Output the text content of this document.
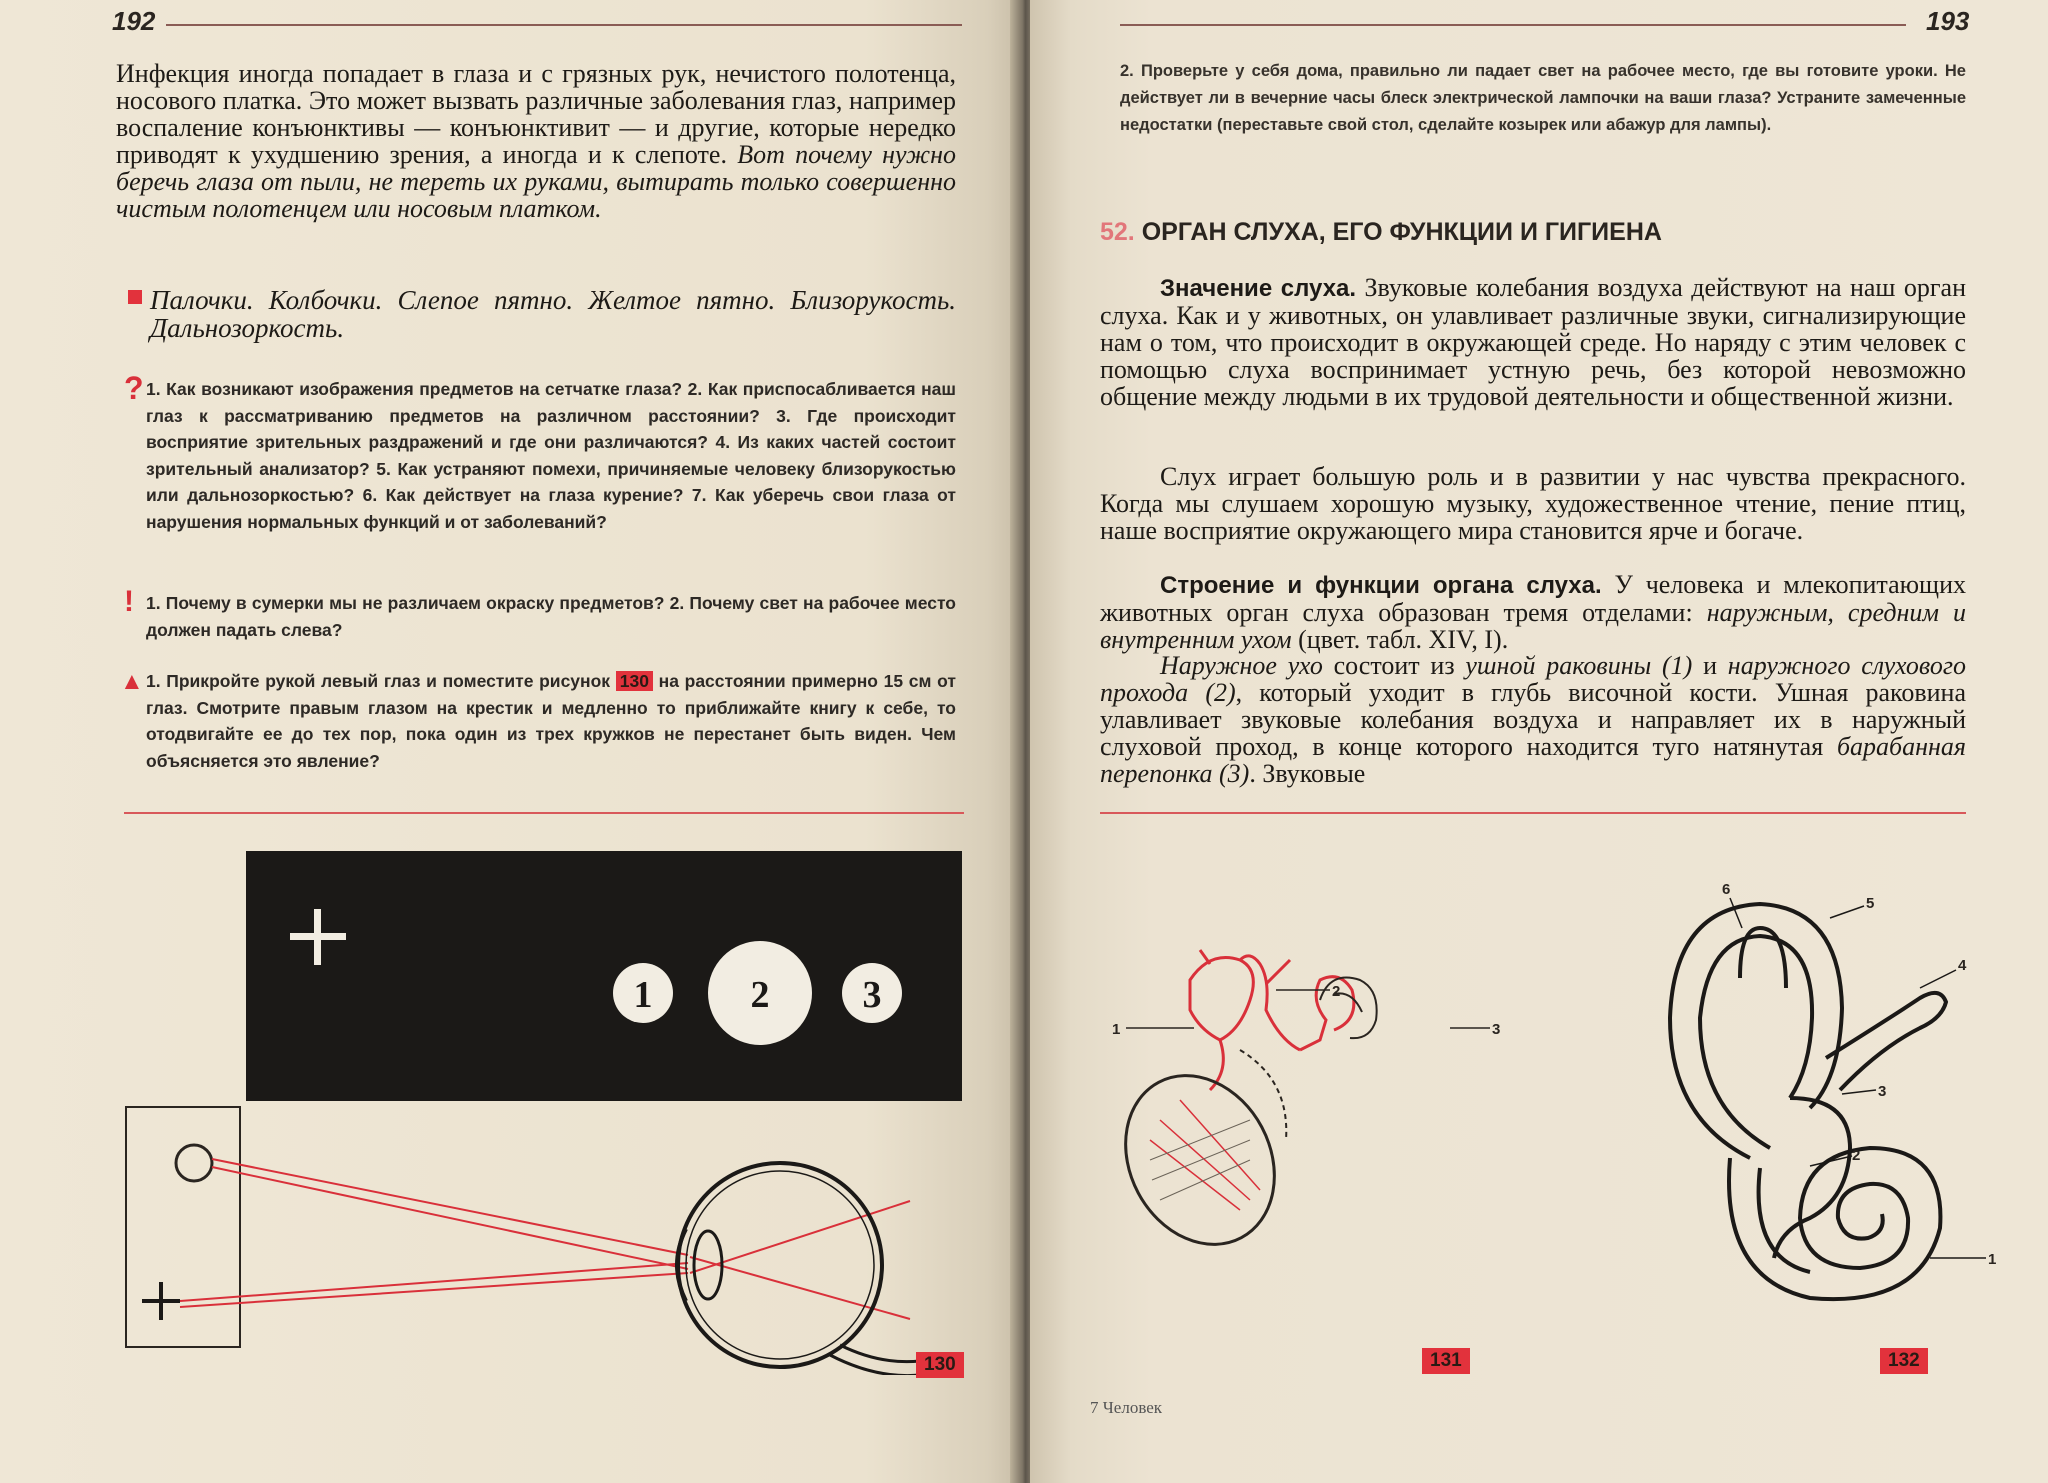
192
Инфекция иногда попадает в глаза и с грязных рук, нечистого полотенца, носового платка. Это может вызвать различные заболевания глаз, например воспаление конъюнктивы — конъюнктивит — и другие, которые нередко приводят к ухудшению зрения, а иногда и к слепоте. Вот почему нужно беречь глаза от пыли, не тереть их руками, вытирать только совершенно чистым полотенцем или носовым платком.
Палочки. Колбочки. Слепое пятно. Желтое пятно. Близорукость. Дальнозоркость.
? 1. Как возникают изображения предметов на сетчатке глаза? 2. Как приспосабливается наш глаз к рассматриванию предметов на различном расстоянии? 3. Где происходит восприятие зрительных раздражений и где они различаются? 4. Из каких частей состоит зрительный анализатор? 5. Как устраняют помехи, причиняемые человеку близорукостью или дальнозоркостью? 6. Как действует на глаза курение? 7. Как уберечь свои глаза от нарушения нормальных функций и от заболеваний?
! 1. Почему в сумерки мы не различаем окраску предметов? 2. Почему свет на рабочее место должен падать слева?
▲ 1. Прикройте рукой левый глаз и поместите рисунок 130 на расстоянии примерно 15 см от глаз. Смотрите правым глазом на крестик и медленно то приближайте книгу к себе, то отодвигайте ее до тех пор, пока один из трех кружков не перестанет быть виден. Чем объясняется это явление?
1	2 3
130
193
2. Проверьте у себя дома, правильно ли падает свет на рабочее место, где вы готовите уроки. Не действует ли в вечерние часы блеск электрической лампочки на ваши глаза? Устраните замеченные недостатки (переставьте свой стол, сделайте козырек или абажур для лампы).
52. ОРГАН СЛУХА, ЕГО ФУНКЦИИ И ГИГИЕНА
Значение слуха. Звуковые колебания воздуха действуют на наш орган слуха. Как и у животных, он улавливает различные звуки, сигнализирующие нам о том, что происходит в окружающей среде. Но наряду с этим человек с помощью слуха воспринимает устную речь, без которой невозможно общение между людьми в их трудовой деятельности и общественной жизни.
Слух играет большую роль и в развитии у нас чувства прекрасного. Когда мы слушаем хорошую музыку, художественное чтение, пение птиц, наше восприятие окружающего мира становится ярче и богаче.
Строение и функции органа слуха. У человека и млекопитающих животных орган слуха образован тремя отделами: наружным, средним и внутренним ухом (цвет. табл. XIV, I).
Наружное ухо состоит из ушной раковины (1) и наружного слухового прохода (2), который уходит в глубь височной кости. Ушная раковина улавливает звуковые колебания воздуха и направляет их в наружный слуховой проход, в конце которого находится туго натянутая барабанная перепонка (3). Звуковые
1
2
3
1
2
3
4
5
6
131	132
7 Человек
